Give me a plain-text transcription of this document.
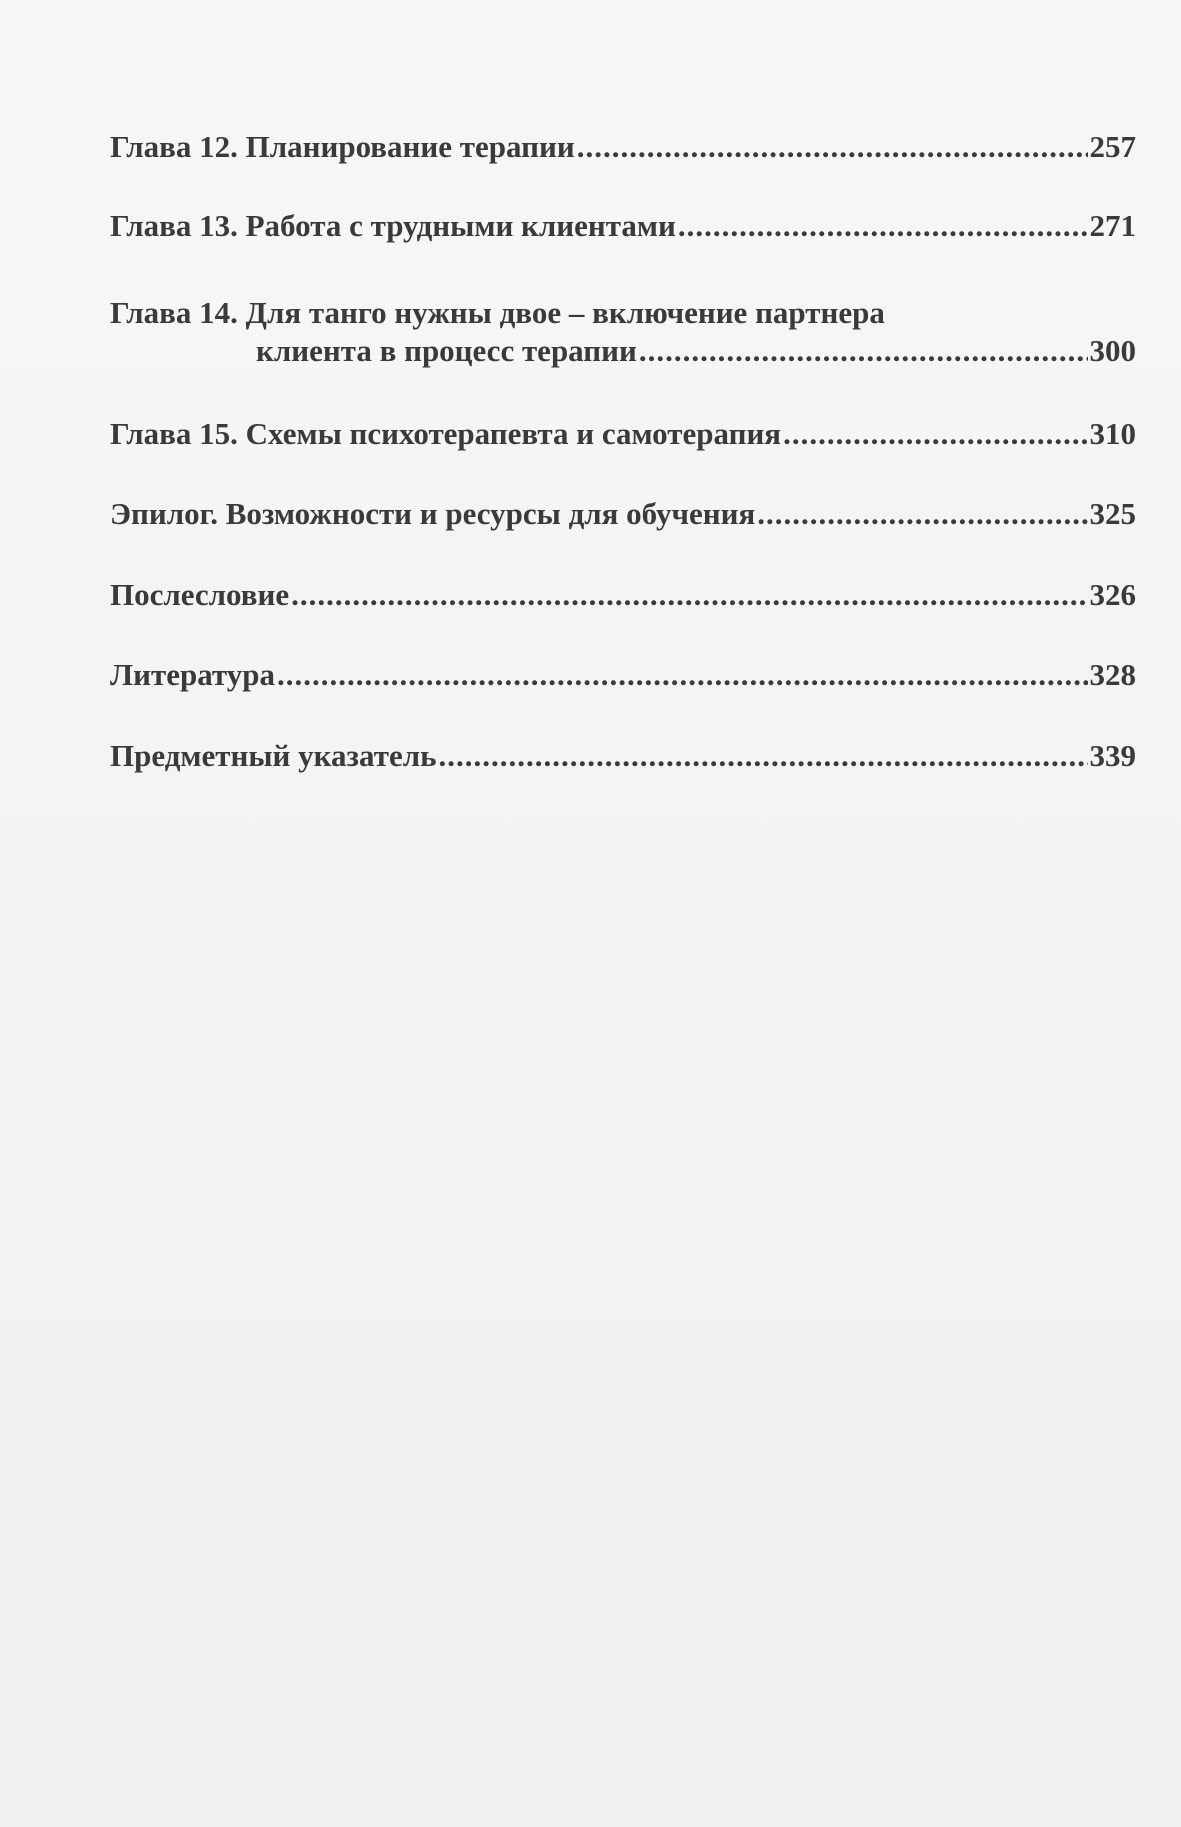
Глава 12. Планирование терапии .....	257
Глава 13. Работа с трудными клиентами .....	271
Глава 14. Для танго нужны двое – включение партнера
клиента в процесс терапии .....	300
Глава 15. Схемы психотерапевта и самотерапия .....	310
Эпилог. Возможности и ресурсы для обучения .....	325
Послесловие .....	326
Литература .....	328
Предметный указатель .....	339
